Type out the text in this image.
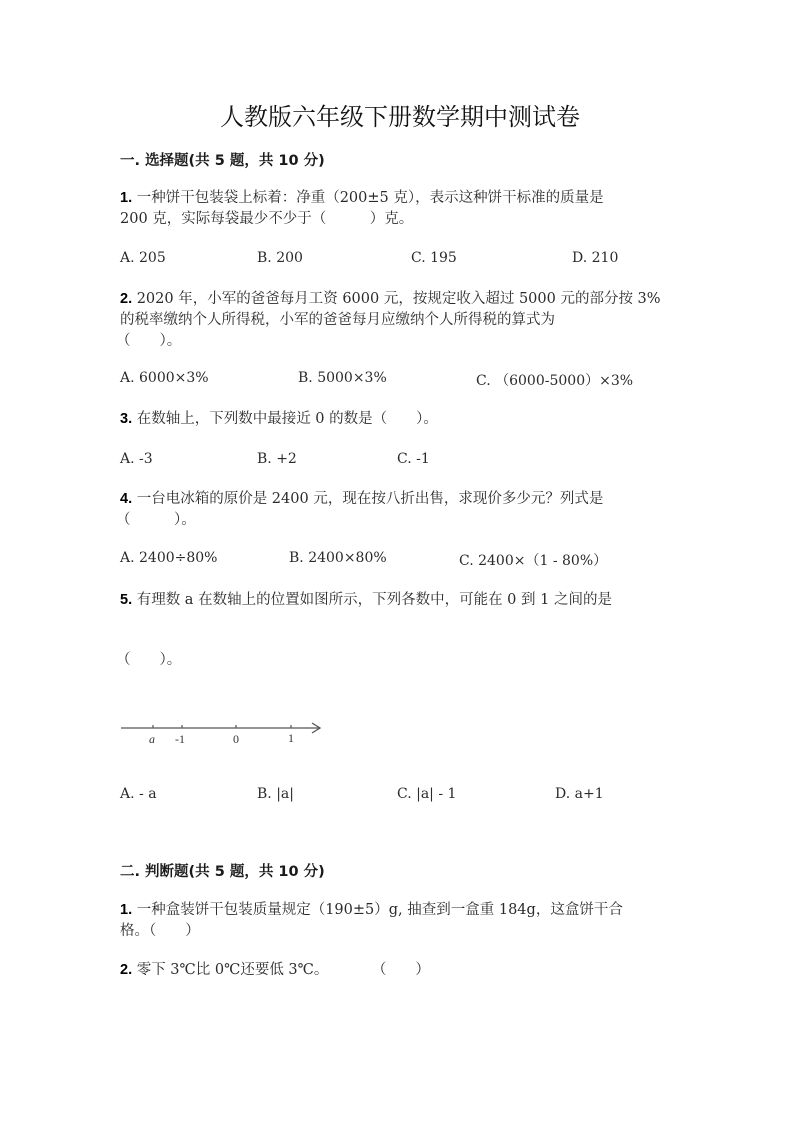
人教版六年级下册数学期中测试卷
一. 选择题(共 5 题，共 10 分)
1. 一种饼干包装袋上标着：净重（200±5 克），表示这种饼干标准的质量是
200 克，实际每袋最少不少于（　　　）克。
A. 205	B. 200	C. 195	D. 210
2. 2020 年，小军的爸爸每月工资 6000 元，按规定收入超过 5000 元的部分按 3%
的税率缴纳个人所得税，小军的爸爸每月应缴纳个人所得税的算式为
（　　）。
A. 6000×3%	B. 5000×3%	C. （6000-5000）×3%
3. 在数轴上，下列数中最接近 0 的数是（　　）。
A. -3	B. +2	C. -1
4. 一台电冰箱的原价是 2400 元，现在按八折出售，求现价多少元？列式是
（　　　）。
A. 2400÷80%	B. 2400×80%	C. 2400×（1 - 80%）
5. 有理数 a 在数轴上的位置如图所示，下列各数中，可能在 0 到 1 之间的是
（　　）。
a -1	0	1
A. - a	B. |a|	C. |a| - 1	D. a+1
二. 判断题(共 5 题，共 10 分)
1. 一种盒装饼干包装质量规定（190±5）g, 抽查到一盒重 184g，这盒饼干合
格。（　　）
2. 零下 3℃比 0℃还要低 3℃。　　　　（　　）
